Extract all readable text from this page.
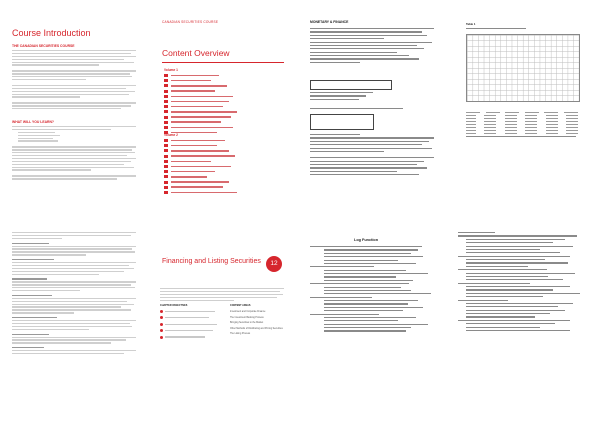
Course Introduction
THE CANADIAN SECURITIES COURSE
WHAT WILL YOU LEARN?
CANADIAN SECURITIES COURSE
Content Overview
Volume 1
Volume 2
MONETARY & FINANCE	Table 1
Financing and Listing Securities	12
CHAPTER OBJECTIVES	CONTENT AREAS
Investment and Corporate Finance
The Investment Banking Process
Bringing Securities to the Market
Other Methods of Distributing and Pricing Securities
The Listing Process
Log Function
